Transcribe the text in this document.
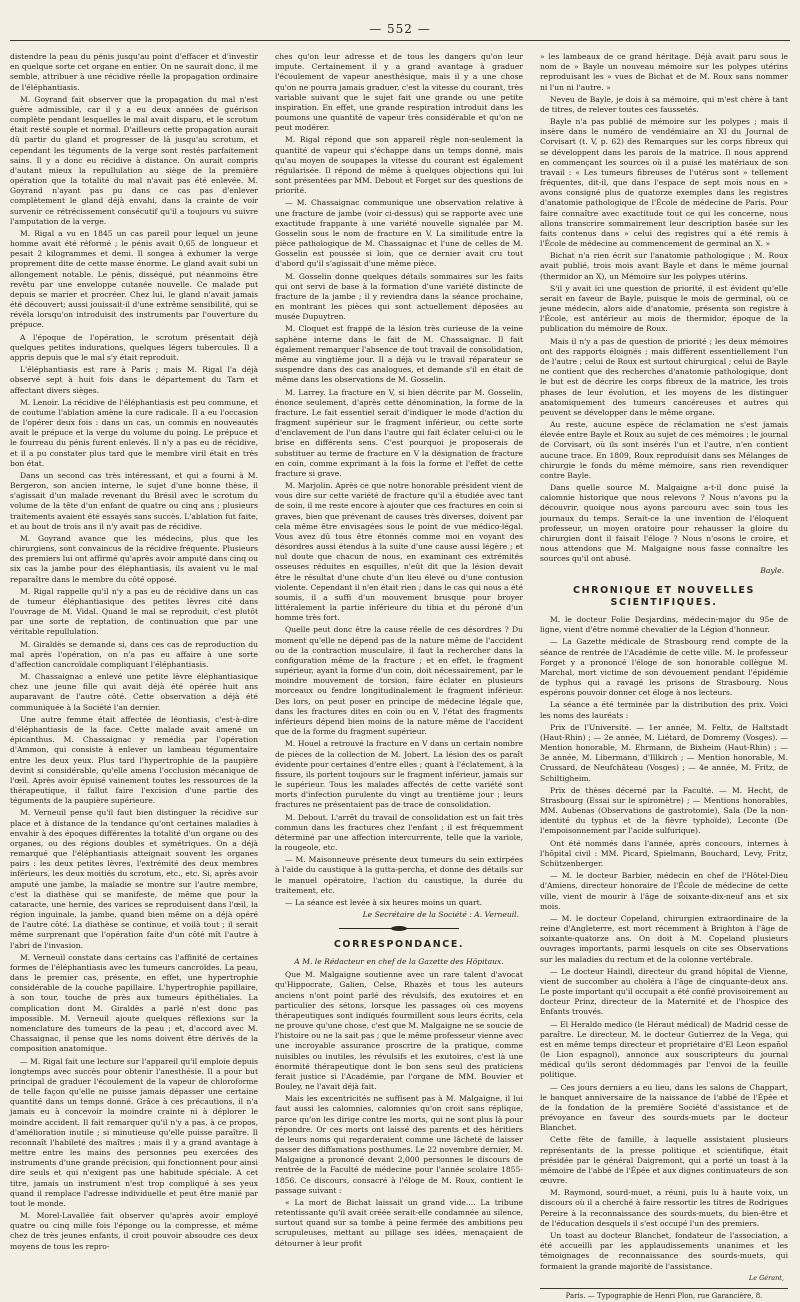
— 552 —

distendre la peau du pénis jusqu'au point d'effacer et d'investir en quelque sorte cet organe en entier. On ne saurait donc, il me semble, attribuer à une récidive réelle la propagation ordinaire de l'éléphantiasis.

M. Goyrand fait observer que la propagation du mal n'est guère admissible, car il y a eu deux années de guérison complète pendant lesquelles le mal avait disparu, et le scrotum était resté souple et normal. D'ailleurs cette propagation aurait dû partir du gland et progresser de là jusqu'au scrotum, et cependant les téguments de la verge sont restés parfaitement sains. Il y a donc eu récidive à distance. On aurait compris d'autant mieux la repullulation au siège de la première opération que la totalité du mal n'avait pas été enlevée. M. Goyrand n'ayant pas pu dans ce cas pas d'enlever complètement le gland déjà envahi, dans la crainte de voir survenir ce rétrécissement consécutif qu'il a toujours vu suivre l'amputation de la verge.

M. Rigal a vu en 1845 un cas pareil pour lequel un jeune homme avait été réformé ; le pénis avait 0,65 de longueur et pesait 2 kilogrammes et demi. Il songea à exhumer la verge proprement dite de cette masse énorme. Le gland avait subi un allongement notable. Le pénis, disséqué, put néanmoins être revêtu par une enveloppe cutanée nouvelle. Ce malade put depuis se marier et procréer. Chez lui, le gland n'avait jamais été découvert; aussi jouissait-il d'une extrême sensibilité, qui se révéla lorsqu'on introduisit des instruments par l'ouverture du prépuce.

A l'époque de l'opération, le scrotum présentait déjà quelques petites indurations, quelques légers tubercules. Il a appris depuis que le mal s'y était reproduit.

L'éléphantiasis est rare à Paris ; mais M. Rigal l'a déjà observé sept à huit fois dans le département du Tarn et affectant divers sièges.

M. Lenoir. La récidive de l'éléphantiasis est peu commune, et de coutume l'ablation amène la cure radicale. Il a eu l'occasion de l'opérer deux fois : dans un cas, un commis en nouveautés avait le prépuce et la verge du volume du poing. Le prépuce et le fourreau du pénis furent enlevés. Il n'y a pas eu de récidive, et il a pu constater plus tard que le membre viril était en très bon état.

Dans un second cas très intéressant, et qui a fourni à M. Bergeron, son ancien interne, le sujet d'une bonne thèse, il s'agissait d'un malade revenant du Brésil avec le scrotum du volume de la tête d'un enfant de quatre ou cinq ans ; plusieurs traitements avaient été essayés sans succès. L'ablation fut faite, et au bout de trois ans il n'y avait pas de récidive.

M. Goyrand avance que les médecins, plus que les chirurgiens, sont convaincus de la récidive fréquente. Plusieurs des premiers lui ont affirmé qu'après avoir amputé dans cinq ou six cas la jambe pour des éléphantiasis, ils avaient vu le mal reparaître dans le membre du côté opposé.

M. Rigal rappelle qu'il n'y a pas eu de récidive dans un cas de tumeur éléphantiasique des petites lèvres cité dans l'ouvrage de M. Vidal. Quand le mal se reproduit, c'est plutôt par une sorte de reptation, de continuation que par une véritable repullulation.

M. Giraldès se demande si, dans ces cas de reproduction du mal après l'opération, on n'a pas eu affaire à une sorte d'affection cancroïdale compliquant l'éléphantiasis.

M. Chassaignac a enlevé une petite lèvre éléphantiasique chez une jeune fille qui avait déjà été opérée huit ans auparavant de l'autre côté. Cette observation a déjà été communiquée à la Société l'an dernier.

Une autre femme était affectée de léontiasis, c'est-à-dire d'éléphantiasis de la face. Cette malade avait amené un épicanthus. M. Chassaignac y remédia par l'opération d'Ammon, qui consiste à enlever un lambeau tégumentaire entre les deux yeux. Plus tard l'hypertrophie de la paupière devint si considérable, qu'elle amena l'occlusion mécanique de l'œil. Après avoir épuisé vainement toutes les ressources de la thérapeutique, il fallut faire l'excision d'une partie des téguments de la paupière supérieure.

M. Verneuil pense qu'il faut bien distinguer la récidive sur place et à distance de la tendance qu'ont certaines maladies à envahir à des époques différentes la totalité d'un organe ou des organes, ou des régions doubles et symétriques. On a déjà remarqué que l'éléphantiasis atteignait souvent les organes pairs : les deux petites lèvres, l'extrémité des deux membres inférieurs, les deux moitiés du scrotum, etc., etc. Si, après avoir amputé une jambe, la maladie se montre sur l'autre membre, c'est la diathèse qui se manifeste, de même que pour la cataracte, une hernie, des varices se reproduisent dans l'œil, la région inguinale, la jambe, quand bien même on a déjà opéré de l'autre côté. La diathèse se continue, et voilà tout ; il serait même surprenant que l'opération faite d'un côté mît l'autre à l'abri de l'invasion.

M. Verneuil constate dans certains cas l'affinité de certaines formes de l'éléphantiasis avec les tumeurs cancroïdes. La peau, dans le premier cas, présente, en effet, une hypertrophie considérable de la couche papillaire. L'hypertrophie papillaire, à son tour, touche de près aux tumeurs épithéliales. La complication dont M. Giraldès a parlé n'est donc pas impossible. M. Verneuil ajoute quelques réflexions sur la nomenclature des tumeurs de la peau ; et, d'accord avec M. Chassaignac, il pense que les noms doivent être dérivés de la composition anatomique.

— M. Rigal fait une lecture sur l'appareil qu'il emploie depuis longtemps avec succès pour obtenir l'anesthésie. Il a pour but principal de graduer l'écoulement de la vapeur de chloroforme de telle façon qu'elle ne puisse jamais dépasser une certaine quantité dans un temps donné. Grâce à ces précautions, il n'a jamais eu à concevoir la moindre crainte ni à déplorer le moindre accident. Il fait remarquer qu'il n'y a pas, à ce propos, d'amélioration inutile ; si minutieuse qu'elle puisse paraître. Il reconnaît l'habileté des maîtres ; mais il y a grand avantage à mettre entre les mains des personnes peu exercées des instruments d'une grande précision, qui fonctionnent pour ainsi dire seuls et qui n'exigent pas une habitude spéciale. A cet titre, jamais un instrument n'est trop compliqué à ses yeux quand il remplace l'adresse individuelle et peut être manié par tout le monde.

M. Morel-Lavallée fait observer qu'après avoir employé quatre ou cinq mille fois l'éponge ou la compresse, et même chez de très jeunes enfants, il croit pouvoir absoudre ces deux moyens de tous les repro-

ches qu'on leur adresse et de tous les dangers qu'on leur impute. Certainement il y a grand avantage à graduer l'écoulement de vapeur anesthésique, mais il y a une chose qu'on ne pourra jamais graduer, c'est la vitesse du courant, très variable suivant que le sujet fait une grande ou une petite inspiration. En effet, une grande respiration introduit dans les poumons une quantité de vapeur très considérable et qu'on ne peut modérer.

M. Rigal répond que son appareil règle non-seulement la quantité de vapeur qui s'échappe dans un temps donné, mais qu'au moyen de soupapes la vitesse du courant est également régularisée. Il répond de même à quelques objections qui lui sont présentées par MM. Debout et Forget sur des questions de priorité.

— M. Chassaignac communique une observation relative à une fracture de jambe (voir ci-dessus) qui se rapporte avec une exactitude frappante à une variété nouvelle signalée par M. Gosselin sous le nom de fracture en V. La similitude entre la pièce pathologique de M. Chassaignac et l'une de celles de M. Gosselin est poussée si loin, que ce dernier avait cru tout d'abord qu'il s'agissait d'une même pièce.

M. Gosselin donne quelques détails sommaires sur les faits qui ont servi de base à la formation d'une variété distincte de fracture de la jambe ; il y reviendra dans la séance prochaine, en montrant les pièces qui sont actuellement déposées au musée Dupuytren.

M. Cloquet est frappé de la lésion très curieuse de la veine saphène interne dans le fait de M. Chassaignac. Il fait également remarquer l'absence de tout travail de consolidation, même au vingtième jour. Il a déjà vu le travail réparateur se suspendre dans des cas analogues, et demande s'il en était de même dans les observations de M. Gosselin.

M. Larrey. La fracture en V, si bien décrite par M. Gosselin, énonce seulement, d'après cette dénomination, la forme de la fracture. Le fait essentiel serait d'indiquer le mode d'action du fragment supérieur sur le fragment inférieur, ou cette sorte d'enclavement de l'un dans l'autre qui fait éclater celui-ci ou le brise en différents sens. C'est pourquoi je proposerais de substituer au terme de fracture en V la désignation de fracture en coin, comme exprimant à la fois la forme et l'effet de cette fracture si grave.

M. Marjolin. Après ce que notre honorable président vient de vous dire sur cette variété de fracture qu'il a étudiée avec tant de soin, il me reste encore à ajouter que ces fractures en coin si graves, bien que prévenant de causes très diverses, doivent par cela même être envisagées sous le point de vue médico-légal. Vous avez dû tous être étonnés comme moi en voyant des désordres aussi étendus à la suite d'une cause aussi légère ; et nul doute que chacun de nous, en examinant ces extrémités osseuses réduites en esquilles, n'eût dit que la lésion devait être le résultat d'une chute d'un lieu élevé ou d'une contusion violente. Cependant il n'en était rien ; dans le cas qui nous a été soumis, il a suffi d'un mouvement brusque pour broyer littéralement la partie inférieure du tibia et du péroné d'un homme très fort.

Quelle peut donc être la cause réelle de ces désordres ? Du moment qu'elle ne dépend pas de la nature même de l'accident ou de la contraction musculaire, il faut la rechercher dans la configuration même de la fracture ; et en effet, le fragment supérieur, ayant la forme d'un coin, doit nécessairement, par le moindre mouvement de torsion, faire éclater en plusieurs morceaux ou fendre longitudinalement le fragment inférieur. Des lors, on peut poser en principe de médecine légale que, dans les fractures dites en coin ou en V, l'état des fragments inférieurs dépend bien moins de la nature même de l'accident que de la forme du fragment supérieur.

M. Houel a retrouvé la fracture en V dans un certain nombre de pièces de la collection de M. Jobert. La lésion des os paraît évidente pour certaines d'entre elles ; quant à l'éclatement, à la fissure, ils portent toujours sur le fragment inférieur, jamais sur le supérieur. Tous les malades affectés de cette variété sont morts d'infection purulente du vingt au trentième jour ; leurs fractures ne présentaient pas de trace de consolidation.

M. Debout. L'arrêt du travail de consolidation est un fait très commun dans les fractures chez l'enfant ; il est fréquemment déterminé par une affection intercurrente, telle que la variole, la rougeole, etc.

— M. Maisonneuve présente deux tumeurs du sein extirpées à l'aide du caustique à la gutta-percha, et donne des détails sur le manuel opératoire, l'action du caustique, la durée du traitement, etc.

— La séance est levée à six heures moins un quart.

Le Secrétaire de la Société : A. Verneuil.
CORRESPONDANCE.

A M. le Rédacteur en chef de la Gazette des Hôpitaux.

Que M. Malgaigne soutienne avec un rare talent d'avocat qu'Hippocrate, Galien, Celse, Rhazès et tous les auteurs anciens n'ont point parlé des révulsifs, des exutoires et en particulier des sétons, lorsque les passages où ces moyens thérapeutiques sont indiqués fourmillent sous leurs écrits, cela ne prouve qu'une chose, c'est que M. Malgaigne ne se soucie de l'histoire ou ne la sait pas ; que le même professeur vienne avec une incroyable assurance proscrire de la pratique, comme nuisibles ou inutiles, les révulsifs et les exutoires, c'est là une énormité thérapeutique dont le bon sens seul des praticiens ferait justice si l'Académie, par l'organe de MM. Bouvier et Bouley, ne l'avait déjà fait.

Mais les excentricités ne suffisent pas à M. Malgaigne, il lui faut aussi les calomnies, calomnies qu'on croit sans réplique, parce qu'on les dirige contre les morts, qui ne sont plus là pour répondre. Or ces morts ont laissé des parents et des héritiers de leurs noms qui regarderaient comme une lâcheté de laisser passer des diffamations posthumes. Le 22 novembre dernier, M. Malgaigne a prononcé devant 2,000 personnes le discours de rentrée de la Faculté de médecine pour l'année scolaire 1855-1856. Ce discours, consacré à l'éloge de M. Roux, contient le passage suivant :

« La mort de Bichat laissait un grand vide.... La tribune retentissante qu'il avait créée serait-elle condamnée au silence, surtout quand sur sa tombe à peine fermée des ambitions peu scrupuleuses, mettant au pillage ses idées, menaçaient de détourner à leur profit

» les lambeaux de ce grand héritage. Déjà avait paru sous le nom de » Bayle un nouveau mémoire sur les polypes utérins reproduisant les » vues de Bichat et de M. Roux sans nommer ni l'un ni l'autre. »

Neveu de Bayle, je dois à sa mémoire, qui m'est chère à tant de titres, de relever toutes ces faussetés.

Bayle n'a pas publié de mémoire sur les polypes ; mais il insère dans le numéro de vendémiaire an XI du Journal de Corvisart (t. V, p. 62) des Remarques sur les corps fibreux qui se développent dans les parois de la matrice. Il nous apprend en commençant les sources où il a puisé les matériaux de son travail : « Les tumeurs fibreuses de l'utérus sont » tellement fréquentes, dit-il, que dans l'espace de sept mois nous en » avons consigné plus de quatorze exemples dans les registres d'anatomie pathologique de l'École de médecine de Paris. Pour faire connaître avec exactitude tout ce qui les concerne, nous allons transcrire sommairement leur description basée sur les faits contenus dans » celui des registres qui a été remis à l'École de médecine au commencement de germinal an X. »

Bichat n'a rien écrit sur l'anatomie pathologique ; M. Roux avait publié, trois mois avant Bayle et dans le même journal (thermidor an X), un Mémoire sur les polypes utérins.

S'il y avait ici une question de priorité, il est évident qu'elle serait en faveur de Bayle, puisque le mois de germinal, où ce jeune médecin, alors aide d'anatomie, présenta son registre à l'École, est antérieur au mois de thermidor, époque de la publication du mémoire de Roux.

Mais il n'y a pas de question de priorité ; les deux mémoires ont des rapports éloignés ; mais diffèrent essentiellement l'un de l'autre ; celui de Roux est surtout chirurgical ; celui de Bayle ne contient que des recherches d'anatomie pathologique, dont le but est de décrire les corps fibreux de la matrice, les trois phases de leur évolution, et les moyens de les distinguer anatomiquement des tumeurs cancéreuses et autres qui peuvent se développer dans le même organe.

Au reste, aucune espèce de réclamation ne s'est jamais élevée entre Bayle et Roux au sujet de ces mémoires ; le journal de Corvisart, où ils sont insérés l'un et l'autre, n'en contient aucune trace. En 1809, Roux reproduisit dans ses Mélanges de chirurgie le fonds du même mémoire, sans rien revendiquer contre Bayle.

Dans quelle source M. Malgaigne a-t-il donc puisé la calomnie historique que nous relevons ? Nous n'avons pu la découvrir, quoique nous ayons parcouru avec soin tous les journaux du temps. Serait-ce la une invention de l'éloquent professeur, un moyen oratoire pour rehausser la gloire du chirurgien dont il faisait l'éloge ? Nous n'osons le croire, et nous attendons que M. Malgaigne nous fasse connaître les sources qu'il ont abusé.

Bayle.
CHRONIQUE ET NOUVELLES SCIENTIFIQUES.

M. le docteur Folie Desjardins, médecin-major du 95e de ligne, vient d'être nommé chevalier de la Légion d'honneur.

— La Gazette médicale de Strasbourg rend compte de la séance de rentrée de l'Académie de cette ville. M. le professeur Forget y a prononcé l'éloge de son honorable collègue M. Marchal, mort victime de son dévouement pendant l'épidémie de typhus qui a ravagé les prisons de Strasbourg. Nous espérons pouvoir donner cet éloge à nos lecteurs.

La séance a été terminée par la distribution des prix. Voici les noms des lauréats :

Prix de l'Université. — 1er année, M. Feltz, de Haltstadt (Haut-Rhin) ; — 2e année, M. Liétard, de Domremy (Vosges). — Mention honorable, M. Ehrmann, de Bixheim (Haut-Rhin) ; — 3e année, M. Libermann, d'Illkirch ; — Mention honorable, M. Crussard, de Neufchâteau (Vosges) ; — 4e année, M. Fritz, de Schiltigheim.

Prix de thèses décerné par la Faculté. — M. Hecht, de Strasbourg (Essai sur le spiromètre) ; — Mentions honorables, MM. Aubenas (Observations de gastrotomie), Sala (De la non-identité du typhus et de la fièvre typhoïde), Leconte (De l'empoisonnement par l'acide sulfurique).

Ont été nommés dans l'année, après concours, internes à l'hôpital civil : MM. Picard, Spielmann, Bouchard, Levy, Fritz, Schützenberger.

— M. le docteur Barbier, médecin en chef de l'Hôtel-Dieu d'Amiens, directeur honoraire de l'École de médecine de cette ville, vient de mourir à l'âge de soixante-dix-neuf ans et six mois.

— M. le docteur Copeland, chirurgien extraordinaire de la reine d'Angleterre, est mort récemment à Brighton à l'âge de soixante-quatorze ans. On doit à M. Copeland plusieurs ouvrages importants, parmi lesquels on cite ses Observations sur les maladies du rectum et de la colonne vertébrale.

— Le docteur Haindl, directeur du grand hôpital de Vienne, vient de succomber au choléra à l'âge de cinquante-deux ans. Le poste important qu'il occupait a été confié provisoirement au docteur Prinz, directeur de la Maternité et de l'hospice des Enfants trouvés.

— El Heraldo medico (le Héraut médical) de Madrid cesse de paraître. Le directeur, M. le docteur Gutierrez de la Vega, qui est en même temps directeur et propriétaire d'El Leon español (le Lion espagnol), annonce aux souscripteurs du journal médical qu'ils seront dédommagés par l'envoi de la feuille politique.

— Ces jours derniers a eu lieu, dans les salons de Chappart, le banquet anniversaire de la naissance de l'abbé de l'Épée et de la fondation de la première Société d'assistance et de prévoyance en faveur des sourds-muets par le docteur Blanchet.

Cette fête de famille, à laquelle assistaient plusieurs représentants de la presse politique et scientifique, était présidée par le général Daigremont, qui a porté un toast à la mémoire de l'abbé de l'Épée et aux dignes continuateurs de son œuvre.

M. Raymond, sourd-muet, a réuni, puis lu à haute voix, un discours où il a cherché à faire ressortir les titres de Rodrigues Pereire à la reconnaissance des sourds-muets, du bien-être et de l'éducation desquels il s'est occupé l'un des premiers.

Un toast au docteur Blanchet, fondateur de l'association, a été accueilli par les applaudissements unanimes et les témoignages de reconnaissance des sourds-muets, qui formaient la grande majorité de l'assistance.

Le Gérant,
Paris. — Typographie de Henri Plon, rue Garancière, 8.
